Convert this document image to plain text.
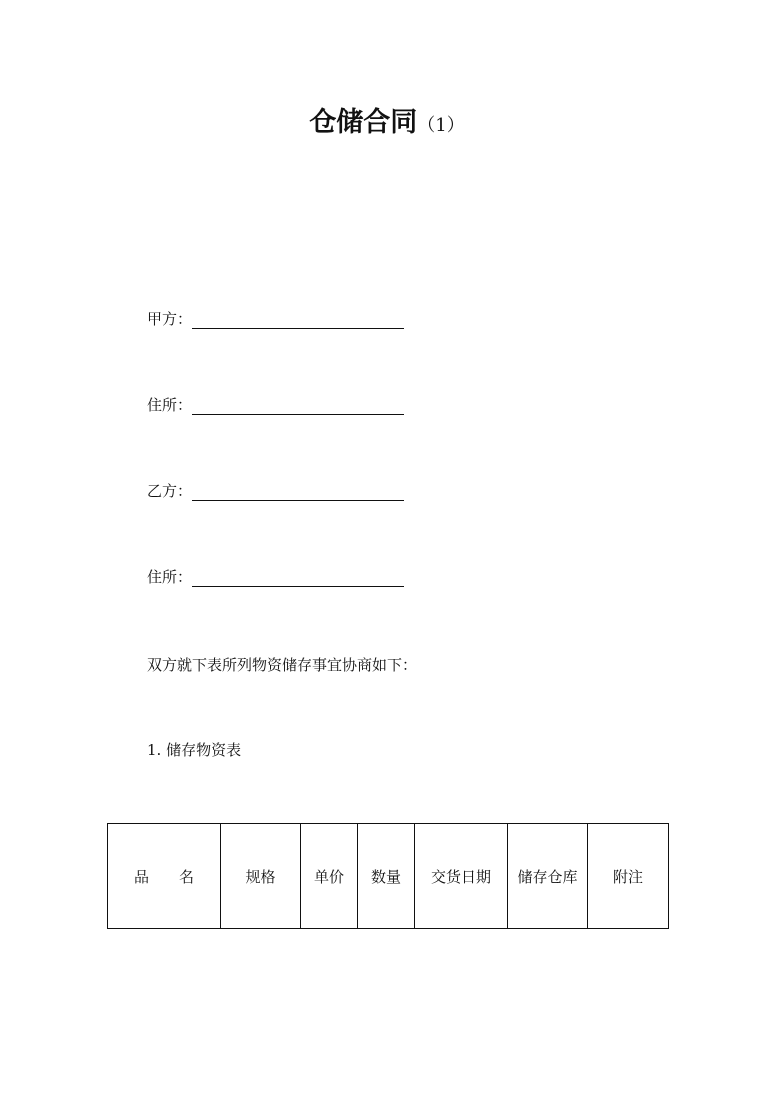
仓储合同（1）
甲方：
住所：
乙方：
住所：
双方就下表所列物资储存事宜协商如下：
1. 储存物资表
品 名	规格	单价	数量	交货日期	储存仓库	附注
